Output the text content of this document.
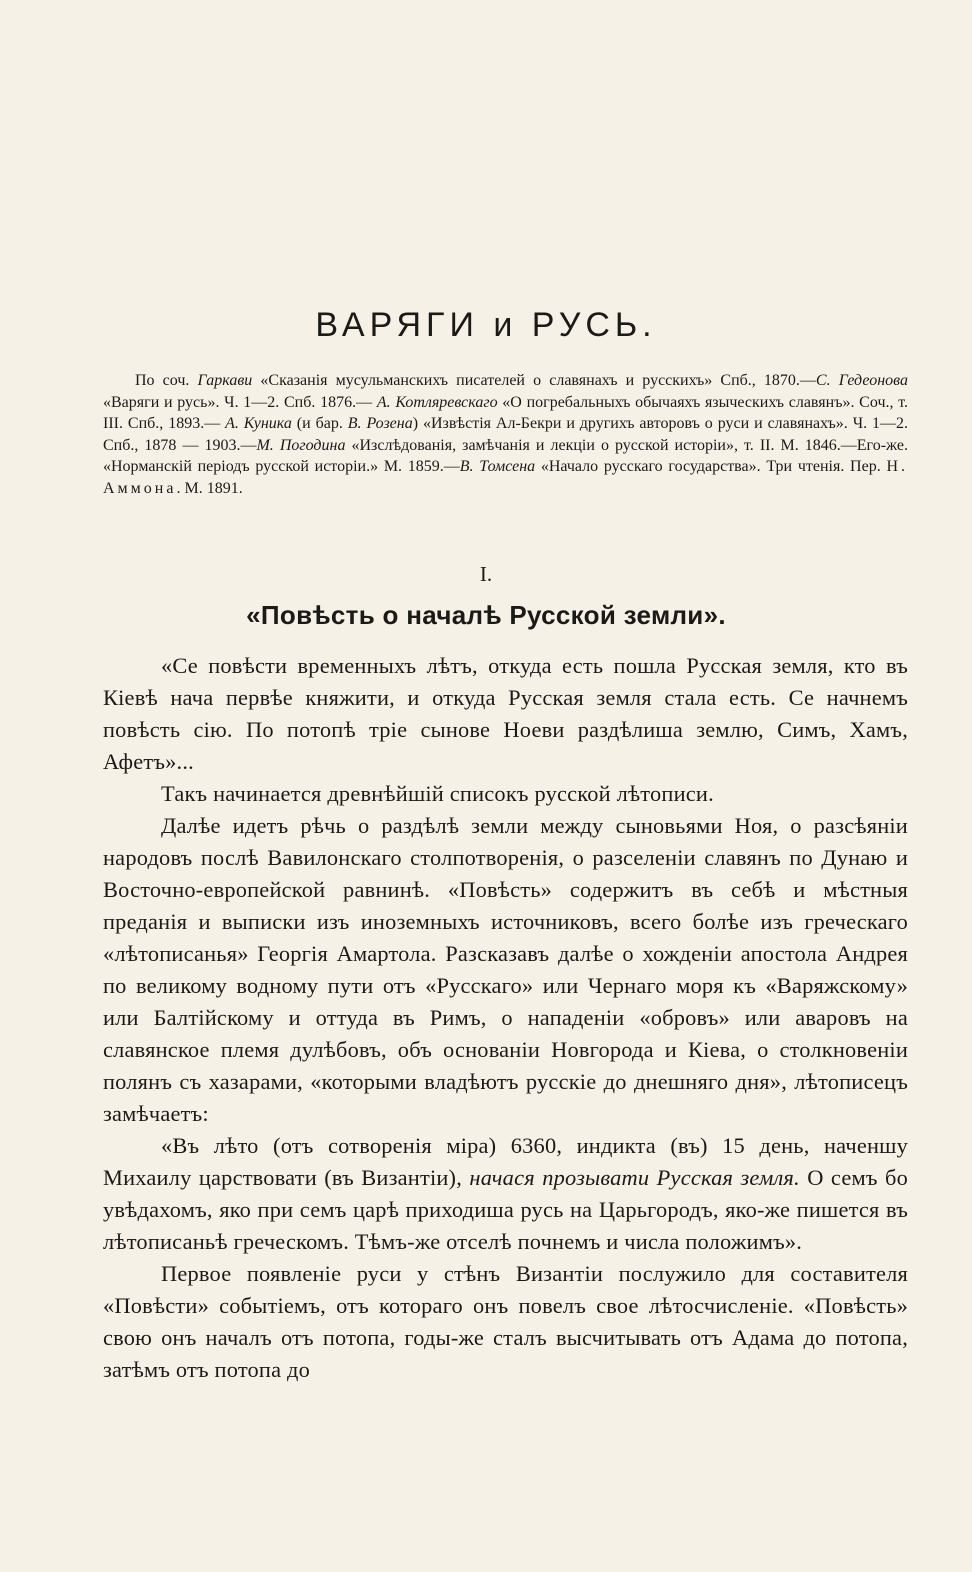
ВАРЯГИ и РУСЬ.

По соч. Гаркави «Сказанія мусульманскихъ писателей о славянахъ и русскихъ» Спб., 1870.—С. Гедеонова «Варяги и русь». Ч. 1—2. Спб. 1876.— А. Котляревскаго «О погребальныхъ обычаяхъ языческихъ славянъ». Соч., т. III. Спб., 1893.— А. Куника (и бар. В. Розена) «Извѣстія Ал-Бекри и другихъ авторовъ о руси и славянахъ». Ч. 1—2. Спб., 1878 — 1903.—М. Погодина «Изслѣдованія, замѣчанія и лекціи о русской исторіи», т. II. М. 1846.—Его-же. «Норманскій періодъ русской исторіи.» М. 1859.—В. Томсена «Начало русскаго государства». Три чтенія. Пер. Н. Аммона. М. 1891.

I.
«Повѣсть о началѣ Русской земли».

«Се повѣсти временныхъ лѣтъ, откуда есть пошла Русская земля, кто въ Кіевѣ нача первѣе княжити, и откуда Русская земля стала есть. Се начнемъ повѣсть сію. По потопѣ тріе сынове Ноеви раздѣлиша землю, Симъ, Хамъ, Афетъ»...

Такъ начинается древнѣйшій списокъ русской лѣтописи.

Далѣе идетъ рѣчь о раздѣлѣ земли между сыновьями Ноя, о разсѣяніи народовъ послѣ Вавилонскаго столпотворенія, о разселеніи славянъ по Дунаю и Восточно-европейской равнинѣ. «Повѣсть» содержитъ въ себѣ и мѣстныя преданія и выписки изъ иноземныхъ источниковъ, всего болѣе изъ греческаго «лѣтописанья» Георгія Амартола. Разсказавъ далѣе о хожденіи апостола Андрея по великому водному пути отъ «Русскаго» или Чернаго моря къ «Варяжскому» или Балтійскому и оттуда въ Римъ, о нападеніи «обровъ» или аваровъ на славянское племя дулѣбовъ, объ основаніи Новгорода и Кіева, о столкновеніи полянъ съ хазарами, «которыми владѣютъ русскіе до днешняго дня», лѣтописецъ замѣчаетъ:

«Въ лѣто (отъ сотворенія міра) 6360, индикта (въ) 15 день, наченшу Михаилу царствовати (въ Византіи), начася прозывати Русская земля. О семъ бо увѣдахомъ, яко при семъ царѣ приходиша русь на Царьгородъ, яко-же пишется въ лѣтописаньѣ греческомъ. Тѣмъ-же отселѣ почнемъ и числа положимъ».

Первое появленіе руси у стѣнъ Византіи послужило для составителя «Повѣсти» событіемъ, отъ котораго онъ повелъ свое лѣтосчисленіе. «Повѣсть» свою онъ началъ отъ потопа, годы-же сталъ высчитывать отъ Адама до потопа, затѣмъ отъ потопа до
